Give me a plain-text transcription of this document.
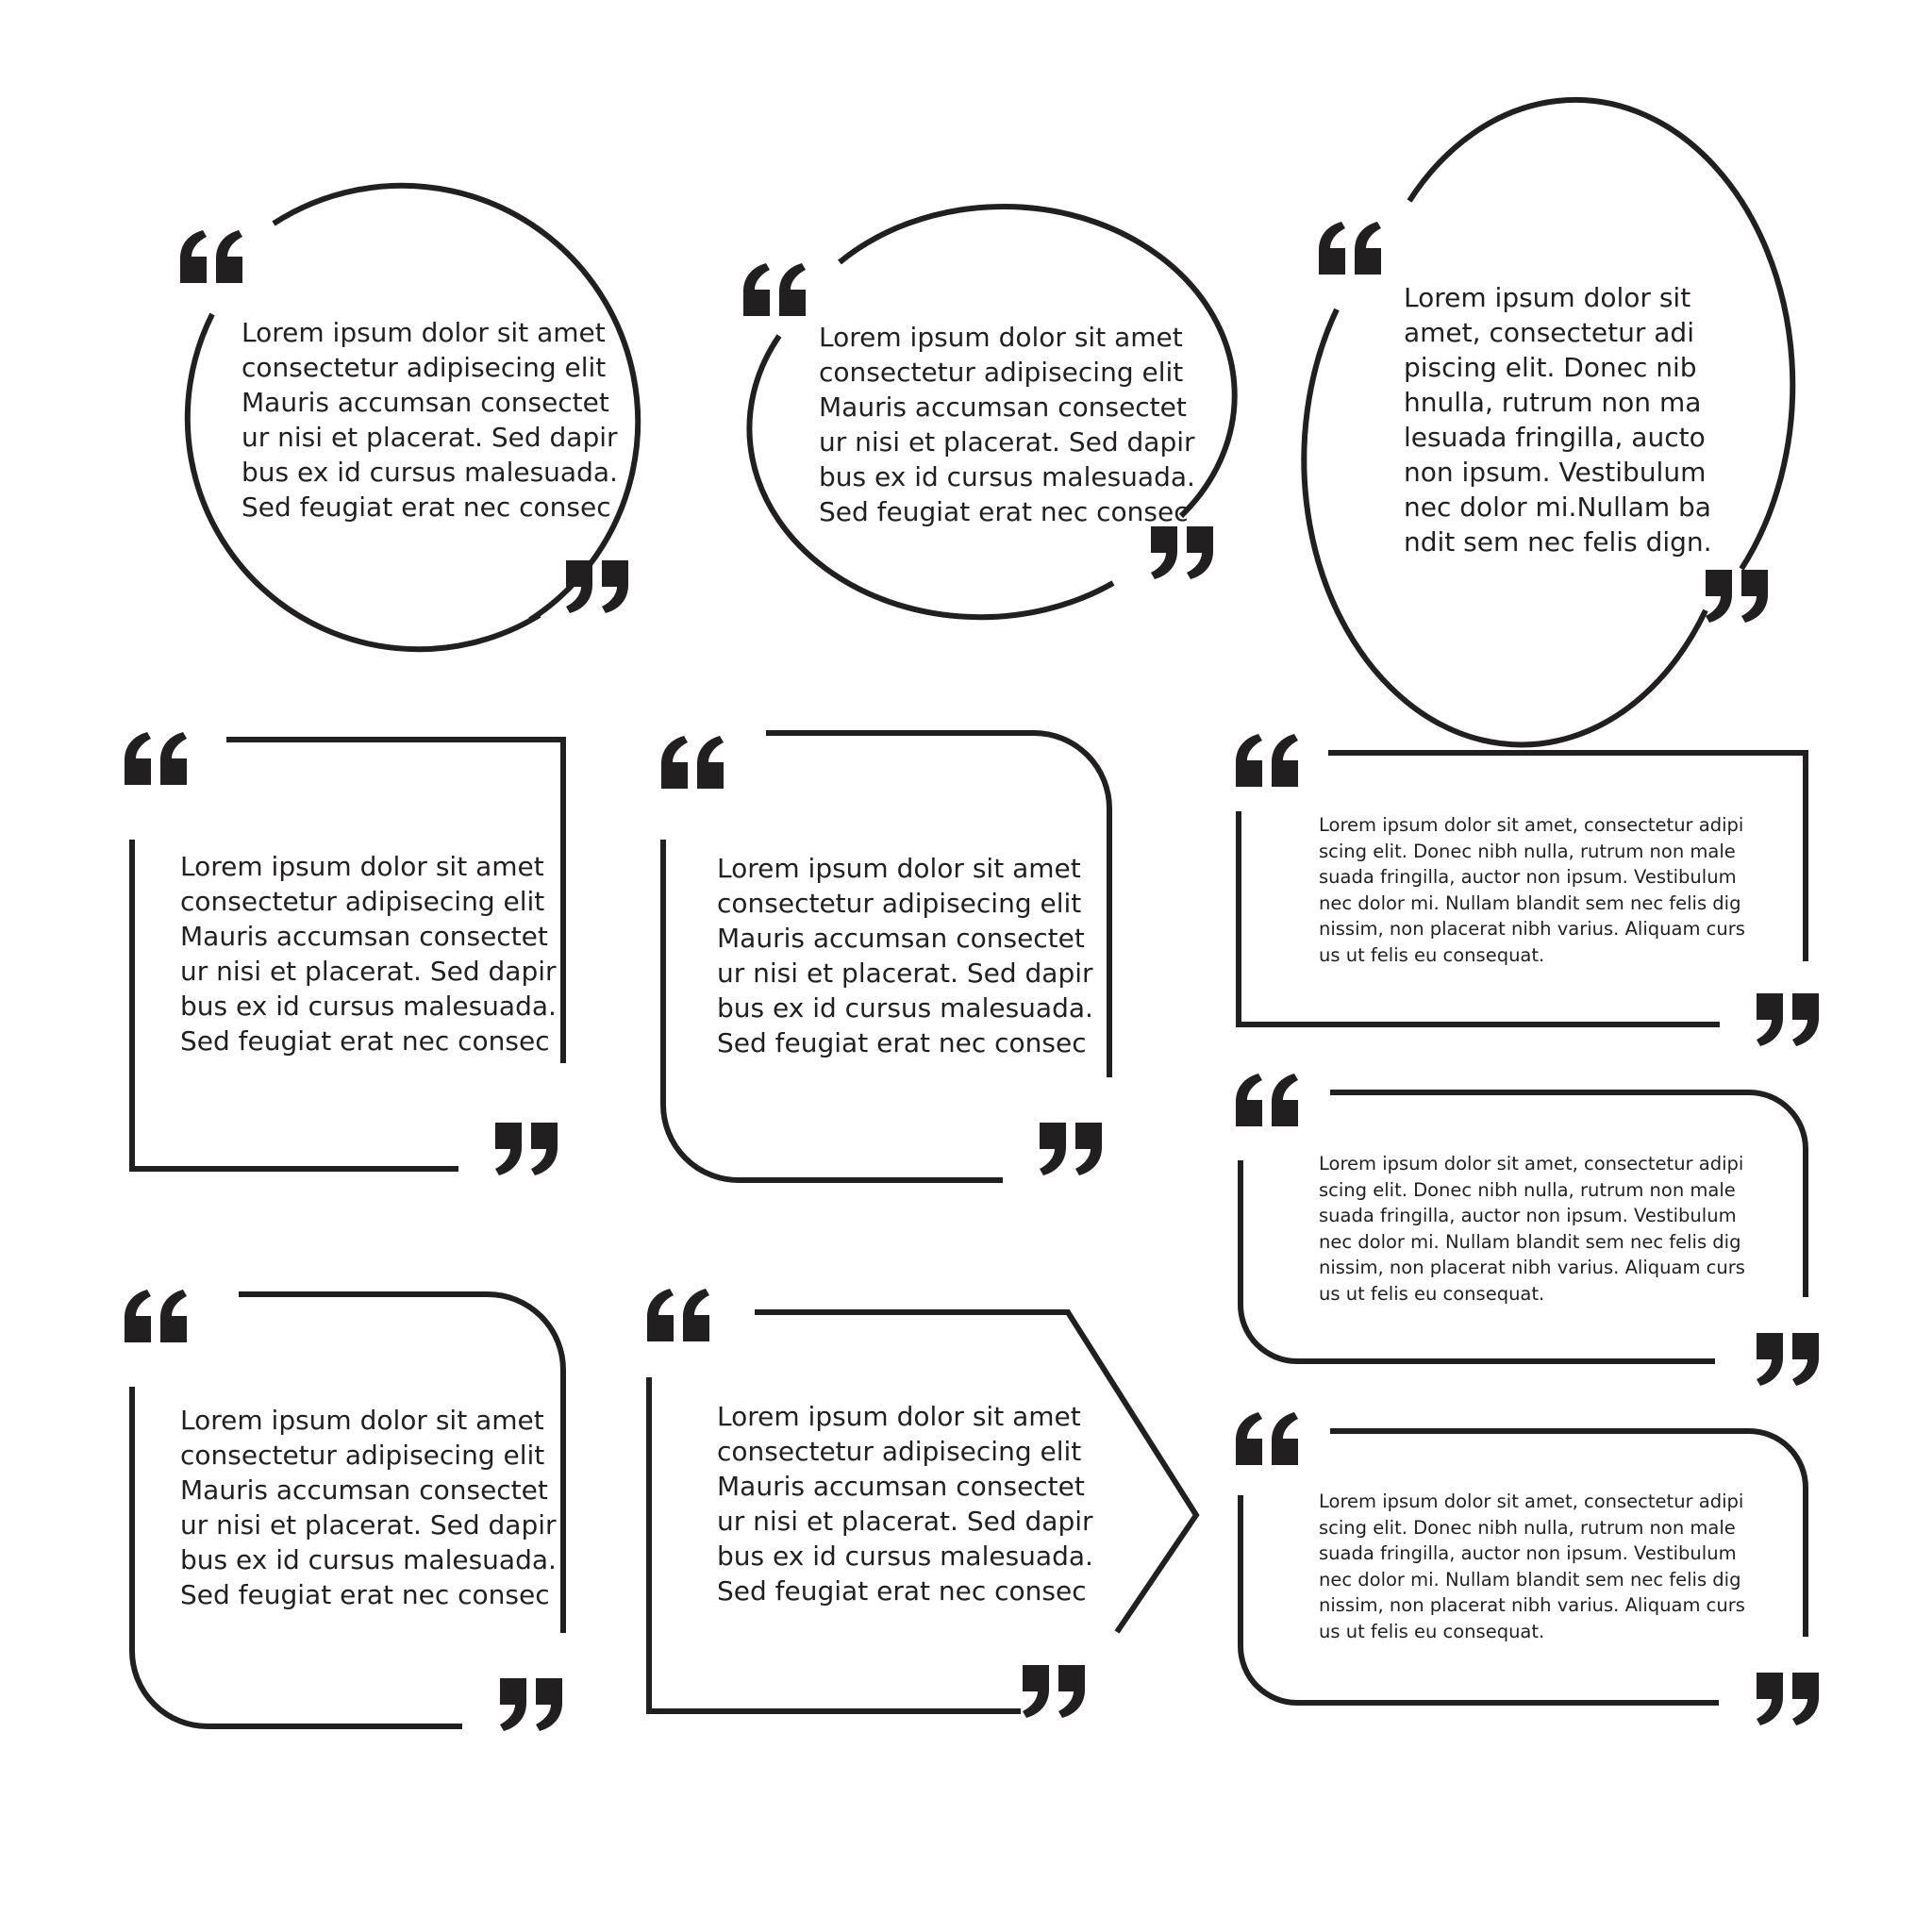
Lorem ipsum dolor sit amet
consectetur adipisecing elit
Mauris accumsan consectet
ur nisi et placerat. Sed dapir
bus ex id cursus malesuada.
Sed feugiat erat nec consec
Lorem ipsum dolor sit amet
consectetur adipisecing elit
Mauris accumsan consectet
ur nisi et placerat. Sed dapir
bus ex id cursus malesuada.
Sed feugiat erat nec consec
Lorem ipsum dolor sit
amet, consectetur adi
piscing elit. Donec nib
hnulla, rutrum non ma
lesuada fringilla, aucto
non ipsum. Vestibulum
nec dolor mi.Nullam ba
ndit sem nec felis dign.
Lorem ipsum dolor sit amet
consectetur adipisecing elit
Mauris accumsan consectet
ur nisi et placerat. Sed dapir
bus ex id cursus malesuada.
Sed feugiat erat nec consec
Lorem ipsum dolor sit amet
consectetur adipisecing elit
Mauris accumsan consectet
ur nisi et placerat. Sed dapir
bus ex id cursus malesuada.
Sed feugiat erat nec consec
Lorem ipsum dolor sit amet, consectetur adipi
scing elit. Donec nibh nulla, rutrum non male
suada fringilla, auctor non ipsum. Vestibulum
nec dolor mi. Nullam blandit sem nec felis dig
nissim, non placerat nibh varius. Aliquam curs
us ut felis eu consequat.
Lorem ipsum dolor sit amet, consectetur adipi
scing elit. Donec nibh nulla, rutrum non male
suada fringilla, auctor non ipsum. Vestibulum
nec dolor mi. Nullam blandit sem nec felis dig
nissim, non placerat nibh varius. Aliquam curs
us ut felis eu consequat.
Lorem ipsum dolor sit amet
consectetur adipisecing elit
Mauris accumsan consectet
ur nisi et placerat. Sed dapir
bus ex id cursus malesuada.
Sed feugiat erat nec consec
Lorem ipsum dolor sit amet
consectetur adipisecing elit
Mauris accumsan consectet
ur nisi et placerat. Sed dapir
bus ex id cursus malesuada.
Sed feugiat erat nec consec
Lorem ipsum dolor sit amet, consectetur adipi
scing elit. Donec nibh nulla, rutrum non male
suada fringilla, auctor non ipsum. Vestibulum
nec dolor mi. Nullam blandit sem nec felis dig
nissim, non placerat nibh varius. Aliquam curs
us ut felis eu consequat.
